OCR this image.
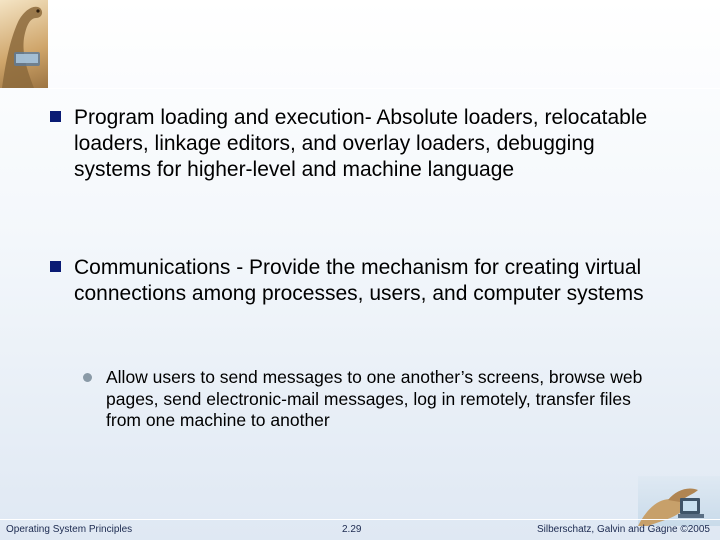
Program loading and execution- Absolute loaders, relocatable loaders, linkage editors, and overlay loaders, debugging systems for higher-level and machine language
Communications - Provide the mechanism for creating virtual connections among processes, users, and computer systems
Allow users to send messages to one another’s screens, browse web pages, send electronic-mail messages, log in remotely, transfer files from one machine to another
Operating System Principles	2.29	Silberschatz, Galvin and Gagne ©2005
